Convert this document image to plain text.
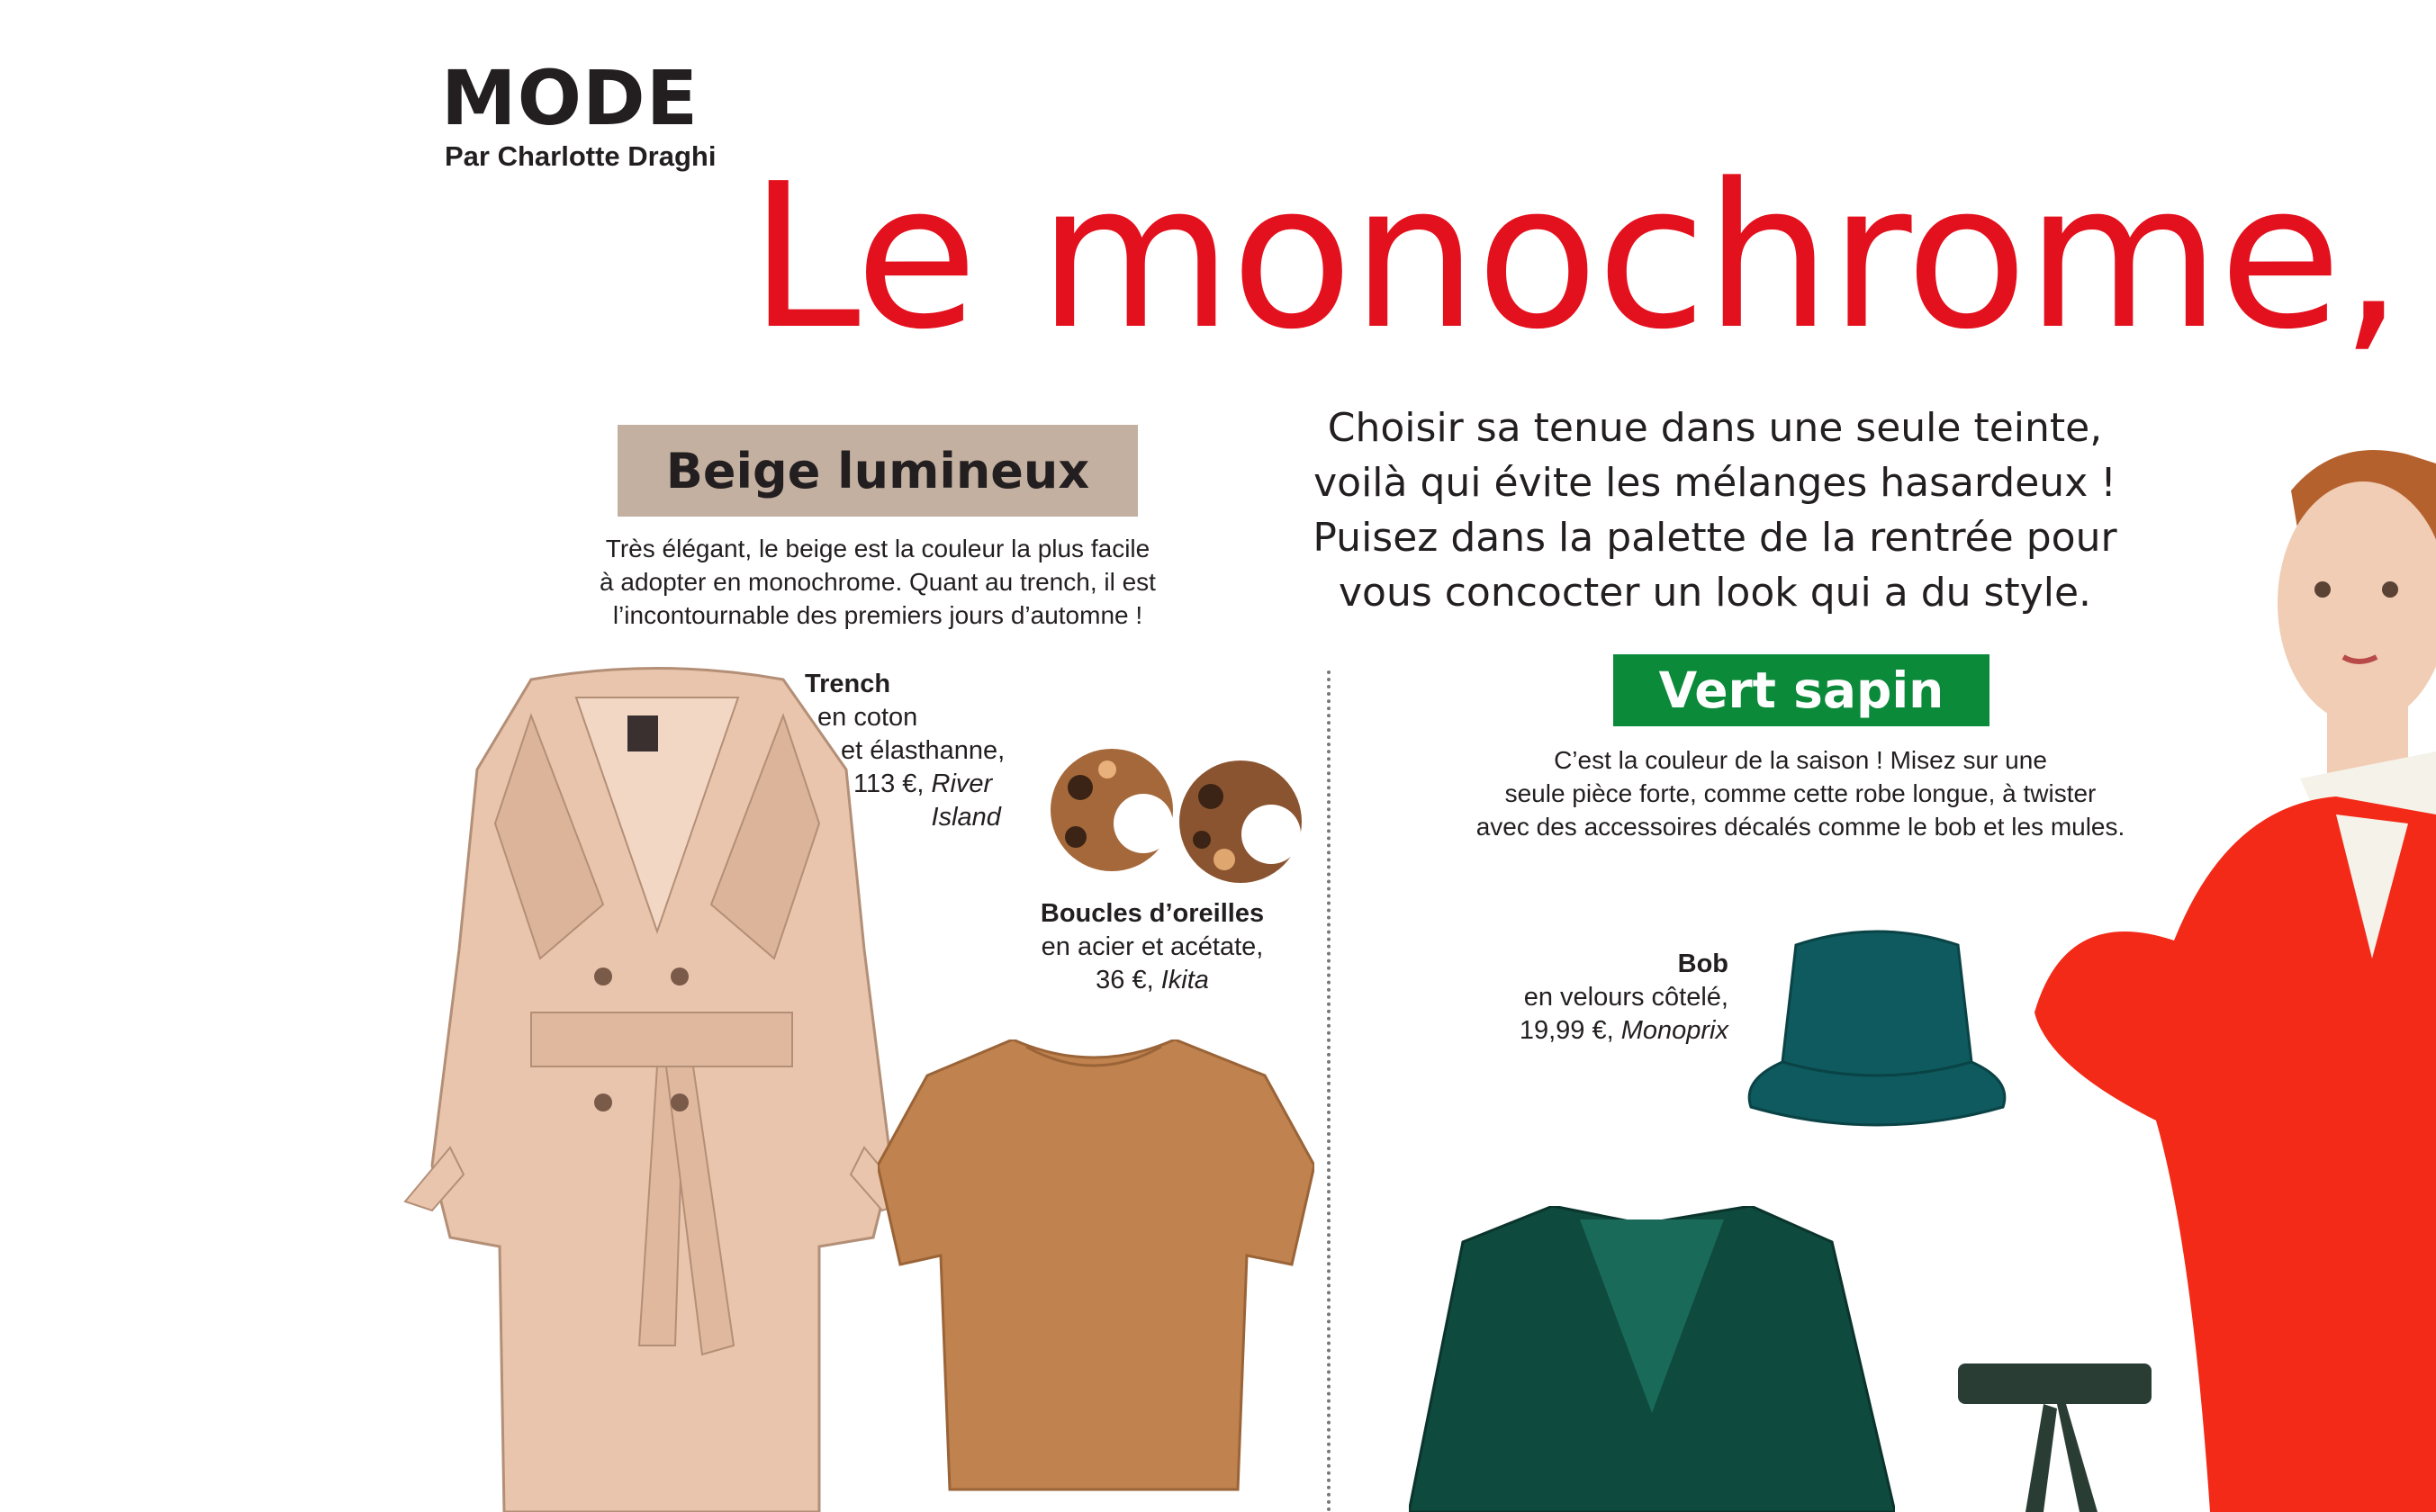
MODE
Par Charlotte Draghi Le monochrome,
Choisir sa tenue dans une seule teinte,
voilà qui évite les mélanges hasardeux !
Puisez dans la palette de la rentrée pour
vous concocter un look qui a du style.
Beige lumineux
Très élégant, le beige est la couleur la plus facile
à adopter en monochrome. Quant au trench, il est
l’incontournable des premiers jours d’automne !
Trench
en coton
et élasthanne,
113 €, River Island
Boucles d’oreilles
en acier et acétate,
36 €, Ikita
Vert sapin
C’est la couleur de la saison ! Misez sur une
seule pièce forte, comme cette robe longue, à twister
avec des accessoires décalés comme le bob et les mules.
Bob
en velours côtelé,
19,99 €, Monoprix
